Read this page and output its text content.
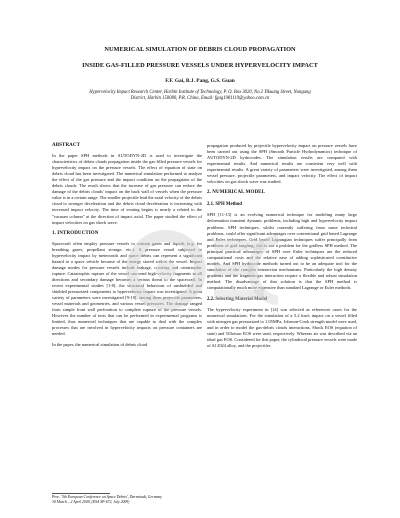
NUMERICAL SIMULATION OF DEBRIS CLOUD PROPAGATION
INSIDE GAS-FILLED PRESSURE VESSELS UNDER HYPERVELOCITY IMPACT
F.F. Gai, B.J. Pang, G.S. Guan
Hypervelocity Impact Research Center, Harbin Institute of Technology, P. O. Box 3020, No.2 Yikuang Street, Nangang
District, Harbin 150080, P.R. China, Email: fgag1981119@yahoo.com.cn
ABSTRACT

In the paper SPH methods in AUTODYN-2D is used to investigate the characteristics of debris clouds propagation inside the gas-filled pressure vessels for hypervelocity impact on the pressure vessels. The effect of equation of state on debris cloud has been investigated. The numerical simulation performed to analyze the effect of the gas pressure and the impact condition on the propagation of the debris clouds. The result shows that the increase of gas pressure can reduce the damage of the debris clouds' impact on the back wall of vessels when the pressure value is in a certain range. The smaller projectile lead the axial velocity of the debris cloud to stronger deceleration and the debris cloud deceleration is increasing with increased impact velocity. The time of venting begins is nearly a related to the "vacuum column" at the direction of impact axial. The paper studied the effect of impact velocities on gas shock wave.

1. INTRODUCTION

Spacecraft often employ pressure vessels to contain gases and liquids (e.g. for breathing gases, propellant storage, etc.). A pressure vessel subjected to hypervelocity impact by meteoroids and space debris can represent a significant hazard to a space vehicle because of the energy stored within the vessel. Impact damage modes for pressure vessels include leakage, cracking and catastrophic rupture. Catastrophic rupture of the vessel can send high-velocity fragments in all directions and secondary damage becomes a serious threat to the spacecraft. In recent experimental studies [1-8], the structural behaviour of unshielded and shielded pressurized components to hypervelocity impact was investigated. A great variety of parameters were investigated [9-10], among them projectile parameters, vessel materials and geometries, and various vessel pressures. The damage ranged from simple front wall perforation to complete rupture of the pressure vessels. However the number of tests that can be performed in experimental programs is limited, thus numerical techniques that are capable to deal with the complex processes that are involved in hypervelocity impacts on pressure containers are needed.

In the paper, the numerical simulation of debris cloud

propagation produced by projectile hypervelocity impact on pressure vessels have been carried out using the SPH (Smooth Particle Hydrodynamics) technique of AUTODYN-2D hydrocodes. The simulation results are compared with experimental results. And numerical results are consistent very well with experimental results. A great variety of parameters were investigated, among them vessel pressure, projectile parameters, and impact velocity. The effect of impact velocities on gas shock wave was studied.

2. NUMERICAL MODEL
2.1. SPH Method

SPH [11-13] is an evolving numerical technique for modeling many large deformation transient dynamic problems, including high and hypervelocity impact problems. SPH techniques, whilst currently suffering from some technical problems, could offer significant advantages over conventional grid based Lagrange and Euler techniques. Grid based Lagrangian techniques suffer principally from problems of grid tangling; this is not a problem for the gridless SPH method. The principal practical advantages of SPH over Euler techniques are the reduced computational costs and the relative ease of adding sophisticated constitutive models. And SPH hydrocode methods turned out to be an adequate tool for the simulation of the complex interaction mechanisms. Particularly the high density gradients and the fragment-gas interaction require a flexible and robust simulation method. The disadvantage of that solution is that the SPH method is computationally much more expensive than standard Lagrange or Euler methods.

2.2. Selecting Material Model

The hypervelocity experiment in [14] was selected as references cases for the numerical simulations. For the simulation of a 5.2 km/s impact on a vessel filled with nitrogen gas pressurized to 1.05MPa, Johnson-Cook strength model were used, and in order to model the gas-debris clouds interactions, Shock EOS (equation of state) and Tillotson EOS were used, respectively. Whereas air was described via an ideal gas EOS. Considered for this paper, the cylindrical pressure vessels were made of Al 2024 alloy, and the projectiles

Proc. '5th European Conference on Space Debris', Darmstadt, Germany
30 March – 2 April 2009, (ESA SP-672, July 2009)
